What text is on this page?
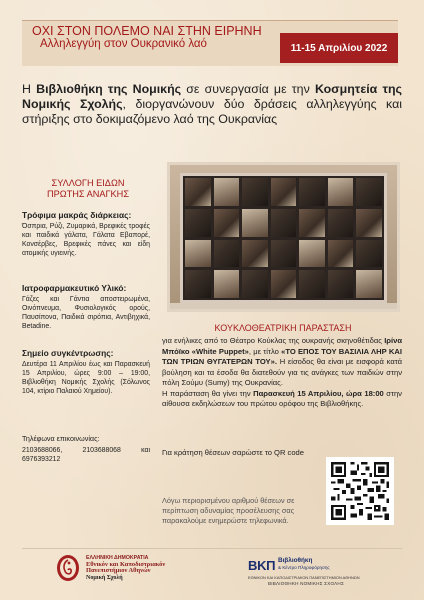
ΟΧΙ ΣΤΟΝ ΠΟΛΕΜΟ ΝΑΙ ΣΤΗΝ ΕΙΡΗΝΗ
Αλληλεγγύη στον Ουκρανικό λαό	11-15 Απριλίου 2022

Η Βιβλιοθήκη της Νομικής σε συνεργασία με την Κοσμητεία της Νομικής Σχολής, διοργανώνουν δύο δράσεις αλληλεγγύης και στήριξης στο δοκιμαζόμενο λαό της Ουκρανίας

ΣΥΛΛΟΓΗ ΕΙΔΩΝ
ΠΡΩΤΗΣ ΑΝΑΓΚΗΣ
Τρόφιμα μακράς διάρκειας:
Όσπρια, Ρύζι, Ζυμαρικά, Βρεφικές τροφές και παιδικά γάλατα, Γάλατα Εβαπορέ, Κονσέρβες, Βρεφικές πάνες και είδη ατομικής υγιεινής.
Ιατροφαρμακευτικό Υλικό:
Γάζες και Γάντια αποστειρωμένα, Οινόπνευμα, Φυσιολογικός ορούς, Παυσίπονα, Παιδικά σιρόπια, Αντιβηχικά, Betadine.
Σημείο συγκέντρωσης:
Δευτέρα 11 Απριλίου έως και Παρασκευή 15 Απριλίου, ώρες 9:00 – 19:00, Βιβλιοθήκη Νομικής Σχολής (Σόλωνος 104, κτίριο Παλαιού Χημείου).
Τηλέφωνα επικοινωνίας:
2103688066, 2103688068 και 6976393212
ΚΟΥΚΛΟΘΕΑΤΡΙΚΗ ΠΑΡΑΣΤΑΣΗ

για ενήλικες από το Θέατρο Κούκλας της ουκρανής σκηνοθέτιδας Ιρίνα Μπόϊκο «White Puppet», με τίτλο «ΤΟ ΕΠΟΣ ΤΟΥ ΒΑΣΙΛΙΑ ΛΗΡ ΚΑΙ ΤΩΝ ΤΡΙΩΝ ΘΥΓΑΤΕΡΩΝ ΤΟΥ». Η είσοδος θα είναι με εισφορά κατά βούληση και τα έσοδα θα διατεθούν για τις ανάγκες των παιδιών στην πόλη Σούμυ (Sumy) της Ουκρανίας.

Η παράσταση θα γίνει την Παρασκευή 15 Απριλίου, ώρα 18:00 στην αίθουσα εκδηλώσεων του πρώτου ορόφου της Βιβλιοθήκης.

Για κράτηση θέσεων σαρώστε το QR code
Λόγω περιορισμένου αριθμού θέσεων σε περίπτωση αδυναμίας προσέλευσης σας παρακαλούμε ενημερώστε τηλεφωνικά.
ΕΛΛΗΝΙΚΗ ΔΗΜΟΚΡΑΤΙΑ
Εθνικόν και Καποδιστριακόν
Πανεπιστήμιον Αθηνών
Νομική Σχολή
ΒΚΠ Βιβλιοθήκη
& Κέντρο Πληροφόρησης
ΕΘΝΙΚΟΝ ΚΑΙ ΚΑΠΟΔΙΣΤΡΙΑΚΟΝ ΠΑΝΕΠΙΣΤΗΜΙΟΝ ΑΘΗΝΩΝ
ΒΙΒΛΙΟΘΗΚΗ ΝΟΜΙΚΗΣ ΣΧΟΛΗΣ
